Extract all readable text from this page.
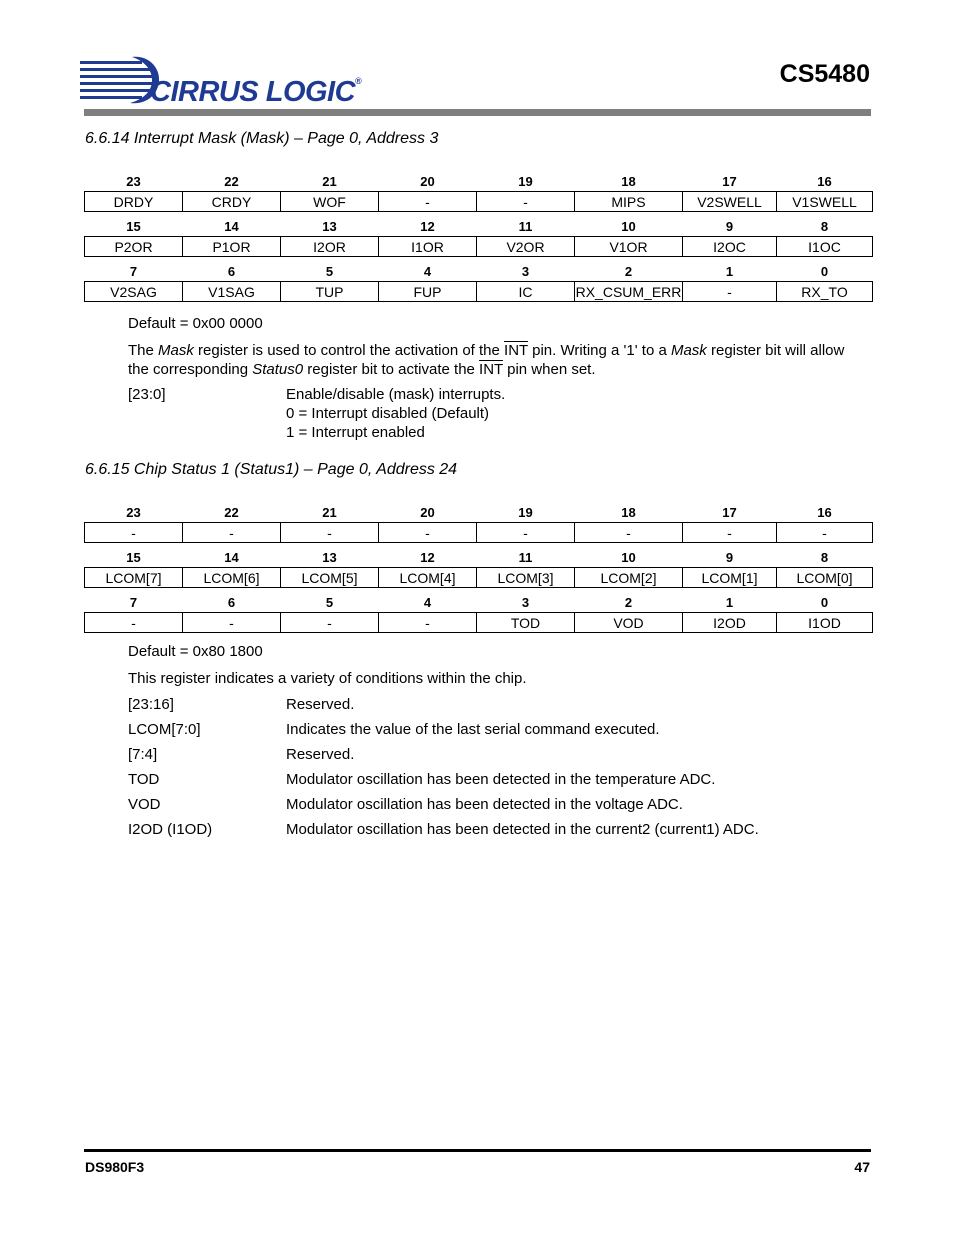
CIRRUS LOGIC®	CS5480
6.6.14 Interrupt Mask (Mask) – Page 0, Address 3
23	22	21	20	19	18	17	16
DRDY	CRDY	WOF	-	-	MIPS	V2SWELL	V1SWELL
15	14	13	12	11	10	9	8
P2OR	P1OR	I2OR	I1OR	V2OR	V1OR	I2OC	I1OC
7	6	5	4	3	2	1	0
V2SAG	V1SAG	TUP	FUP	IC	RX_CSUM_ERR	-	RX_TO
Default = 0x00 0000
The Mask register is used to control the activation of the $\overline{INT}$ pin. Writing a '1' to a Mask register bit will allow
the corresponding Status0 register bit to activate the $\overline{INT}$ pin when set.
[23:0]	Enable/disable (mask) interrupts.
0 = Interrupt disabled (Default)
1 = Interrupt enabled
6.6.15 Chip Status 1 (Status1) – Page 0, Address 24
23	22	21	20	19	18	17	16
-	-	-	-	-	-	-	-
15	14	13	12	11	10	9	8
LCOM[7]	LCOM[6]	LCOM[5]	LCOM[4]	LCOM[3]	LCOM[2]	LCOM[1]	LCOM[0]
7	6	5	4	3	2	1	0
-	-	-	-	TOD	VOD	I2OD	I1OD
Default = 0x80 1800
This register indicates a variety of conditions within the chip.
[23:16]	Reserved.
LCOM[7:0]	Indicates the value of the last serial command executed.
[7:4]	Reserved.
TOD	Modulator oscillation has been detected in the temperature ADC.
VOD	Modulator oscillation has been detected in the voltage ADC.
I2OD (I1OD)	Modulator oscillation has been detected in the current2 (current1) ADC.
DS980F3	47
